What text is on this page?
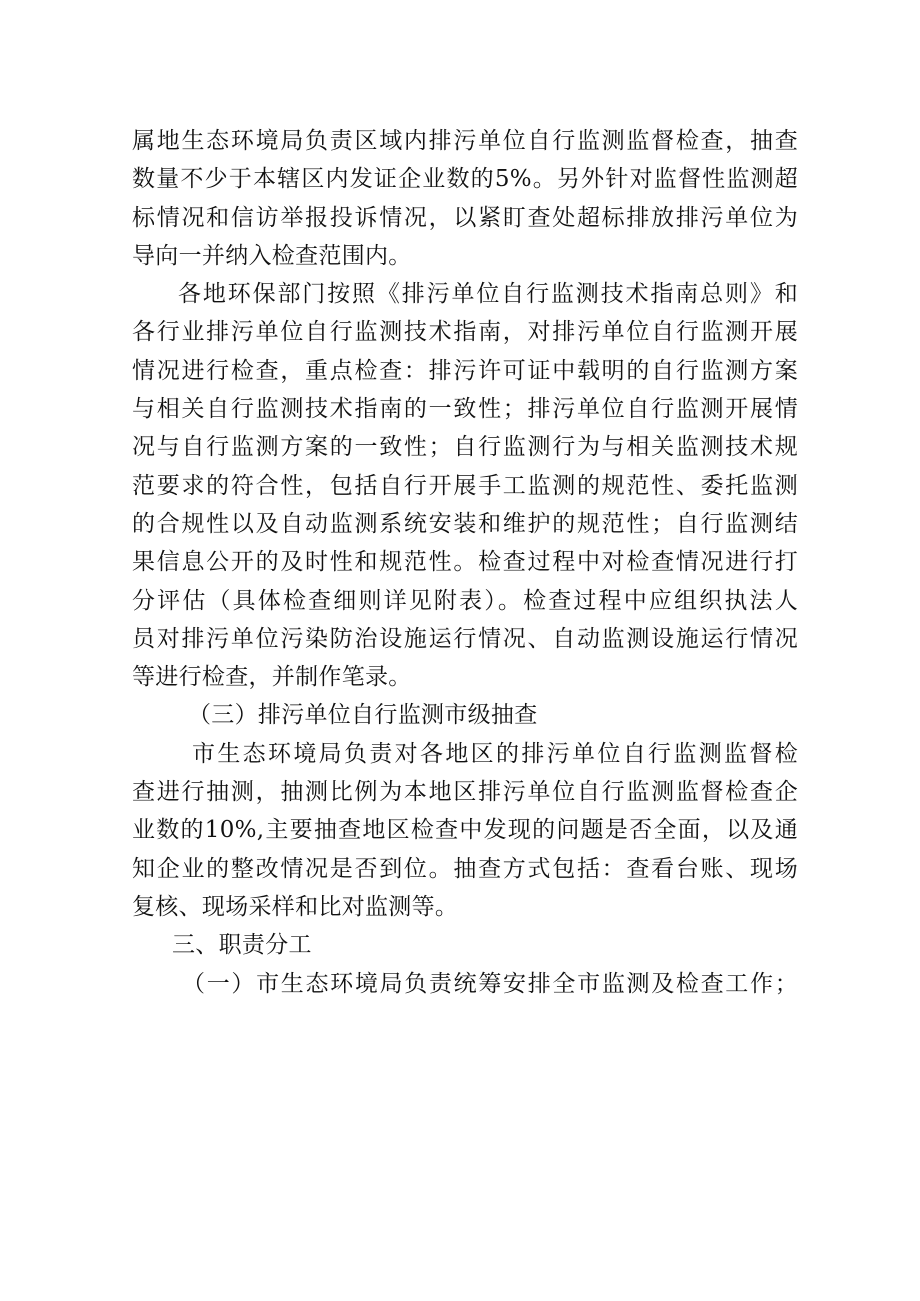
属地生态环境局负责区域内排污单位自行监测监督检查，抽查
数量不少于本辖区内发证企业数的5%。另外针对监督性监测超
标情况和信访举报投诉情况，以紧盯查处超标排放排污单位为
导向一并纳入检查范围内。
各地环保部门按照《排污单位自行监测技术指南总则》和
各行业排污单位自行监测技术指南，对排污单位自行监测开展
情况进行检查，重点检查：排污许可证中载明的自行监测方案
与相关自行监测技术指南的一致性；排污单位自行监测开展情
况与自行监测方案的一致性；自行监测行为与相关监测技术规
范要求的符合性，包括自行开展手工监测的规范性、委托监测
的合规性以及自动监测系统安装和维护的规范性；自行监测结
果信息公开的及时性和规范性。检查过程中对检查情况进行打
分评估（具体检查细则详见附表）。检查过程中应组织执法人
员对排污单位污染防治设施运行情况、自动监测设施运行情况
等进行检查，并制作笔录。
（三）排污单位自行监测市级抽查
市生态环境局负责对各地区的排污单位自行监测监督检
查进行抽测，抽测比例为本地区排污单位自行监测监督检查企
业数的10%,主要抽查地区检查中发现的问题是否全面，以及通
知企业的整改情况是否到位。抽查方式包括：查看台账、现场
复核、现场采样和比对监测等。
三、职责分工
（一）市生态环境局负责统筹安排全市监测及检查工作；
